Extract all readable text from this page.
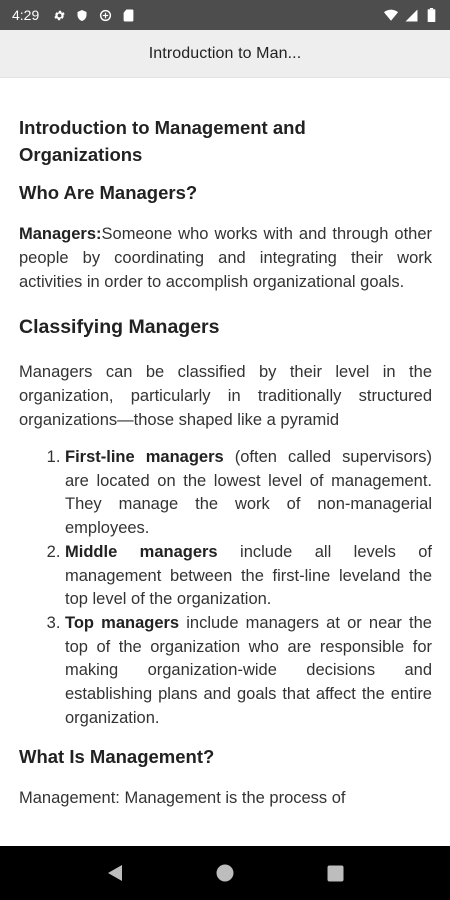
4:29
Introduction to Man...
Introduction to Management and Organizations
Who Are Managers?

Managers:Someone who works with and through other people by coordinating and integrating their work activities in order to accomplish organizational goals.

Classifying Managers

Managers can be classified by their level in the organization, particularly in traditionally structured organizations—those shaped like a pyramid

1. First-line managers (often called supervisors) are located on the lowest level of management. They manage the work of non-managerial employees.
2. Middle managers include all levels of management between the first-line leveland the top level of the organization.
3. Top managers include managers at or near the top of the organization who are responsible for making organization-wide decisions and establishing plans and goals that affect the entire organization.
What Is Management?

Management: Management is the process of
